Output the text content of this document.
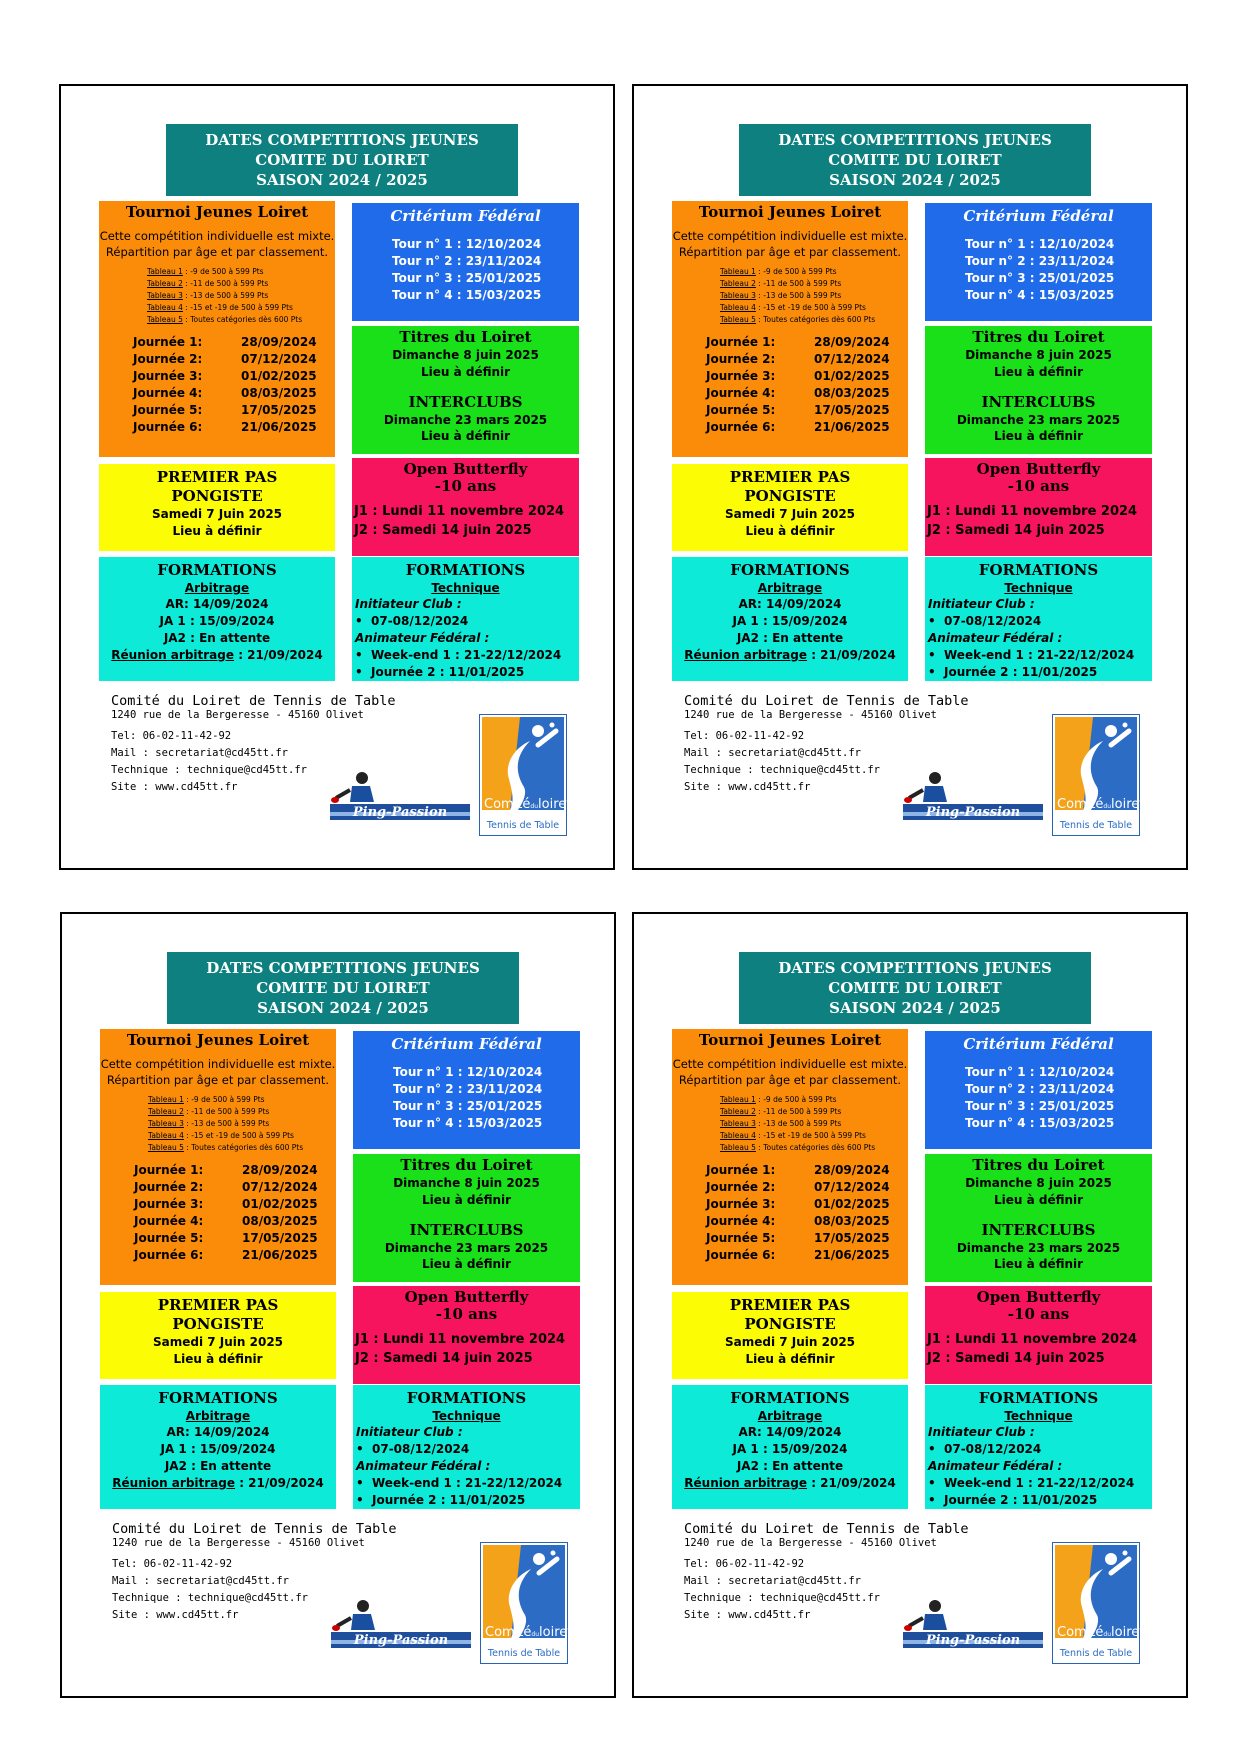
DATES COMPETITIONS JEUNES
COMITE DU LOIRET
SAISON 2024 / 2025
Tournoi Jeunes Loiret
Cette compétition individuelle est mixte.
Répartition par âge et par classement.
Tableau 1 : -9 de 500 à 599 Pts
Tableau 2 : -11 de 500 à 599 Pts
Tableau 3 : -13 de 500 à 599 Pts
Tableau 4 : -15 et -19 de 500 à 599 Pts
Tableau 5 : Toutes catégories dès 600 Pts
Journée 1:	28/09/2024
Journée 2:	07/12/2024
Journée 3:	01/02/2025
Journée 4:	08/03/2025
Journée 5:	17/05/2025
Journée 6:	21/06/2025
Critérium Fédéral
Tour n° 1 : 12/10/2024
Tour n° 2 : 23/11/2024
Tour n° 3 : 25/01/2025
Tour n° 4 : 15/03/2025
Titres du Loiret
Dimanche 8 juin 2025
Lieu à définir
INTERCLUBS
Dimanche 23 mars 2025
Lieu à définir
PREMIER PAS
PONGISTE
Samedi 7 Juin 2025
Lieu à définir
Open Butterfly
-10 ans
J1 : Lundi 11 novembre 2024
J2 : Samedi 14 juin 2025
FORMATIONS
Arbitrage
AR: 14/09/2024
JA 1 : 15/09/2024
JA2 : En attente
Réunion arbitrage : 21/09/2024
FORMATIONS
Technique
Initiateur Club :
• 07-08/12/2024
Animateur Fédéral :
• Week-end 1 : 21-22/12/2024
• Journée 2 : 11/01/2025
Comité du Loiret de Tennis de Table
1240 rue de la Bergeresse - 45160 Olivet
Tel: 06-02-11-42-92
Mail : secretariat@cd45tt.fr
Technique : technique@cd45tt.fr
Site : www.cd45tt.fr
Ping-Passion
Comitéduloiret
Tennis de Table
DATES COMPETITIONS JEUNES
COMITE DU LOIRET
SAISON 2024 / 2025
Tournoi Jeunes Loiret
Cette compétition individuelle est mixte.
Répartition par âge et par classement.
Tableau 1 : -9 de 500 à 599 Pts
Tableau 2 : -11 de 500 à 599 Pts
Tableau 3 : -13 de 500 à 599 Pts
Tableau 4 : -15 et -19 de 500 à 599 Pts
Tableau 5 : Toutes catégories dès 600 Pts
Journée 1:	28/09/2024
Journée 2:	07/12/2024
Journée 3:	01/02/2025
Journée 4:	08/03/2025
Journée 5:	17/05/2025
Journée 6:	21/06/2025
Critérium Fédéral
Tour n° 1 : 12/10/2024
Tour n° 2 : 23/11/2024
Tour n° 3 : 25/01/2025
Tour n° 4 : 15/03/2025
Titres du Loiret
Dimanche 8 juin 2025
Lieu à définir
INTERCLUBS
Dimanche 23 mars 2025
Lieu à définir
PREMIER PAS
PONGISTE
Samedi 7 Juin 2025
Lieu à définir
Open Butterfly
-10 ans
J1 : Lundi 11 novembre 2024
J2 : Samedi 14 juin 2025
FORMATIONS
Arbitrage
AR: 14/09/2024
JA 1 : 15/09/2024
JA2 : En attente
Réunion arbitrage : 21/09/2024
FORMATIONS
Technique
Initiateur Club :
• 07-08/12/2024
Animateur Fédéral :
• Week-end 1 : 21-22/12/2024
• Journée 2 : 11/01/2025
Comité du Loiret de Tennis de Table
1240 rue de la Bergeresse - 45160 Olivet
Tel: 06-02-11-42-92
Mail : secretariat@cd45tt.fr
Technique : technique@cd45tt.fr
Site : www.cd45tt.fr
Ping-Passion
Comitéduloiret
Tennis de Table
DATES COMPETITIONS JEUNES
COMITE DU LOIRET
SAISON 2024 / 2025
Tournoi Jeunes Loiret
Cette compétition individuelle est mixte.
Répartition par âge et par classement.
Tableau 1 : -9 de 500 à 599 Pts
Tableau 2 : -11 de 500 à 599 Pts
Tableau 3 : -13 de 500 à 599 Pts
Tableau 4 : -15 et -19 de 500 à 599 Pts
Tableau 5 : Toutes catégories dès 600 Pts
Journée 1:	28/09/2024
Journée 2:	07/12/2024
Journée 3:	01/02/2025
Journée 4:	08/03/2025
Journée 5:	17/05/2025
Journée 6:	21/06/2025
Critérium Fédéral
Tour n° 1 : 12/10/2024
Tour n° 2 : 23/11/2024
Tour n° 3 : 25/01/2025
Tour n° 4 : 15/03/2025
Titres du Loiret
Dimanche 8 juin 2025
Lieu à définir
INTERCLUBS
Dimanche 23 mars 2025
Lieu à définir
PREMIER PAS
PONGISTE
Samedi 7 Juin 2025
Lieu à définir
Open Butterfly
-10 ans
J1 : Lundi 11 novembre 2024
J2 : Samedi 14 juin 2025
FORMATIONS
Arbitrage
AR: 14/09/2024
JA 1 : 15/09/2024
JA2 : En attente
Réunion arbitrage : 21/09/2024
FORMATIONS
Technique
Initiateur Club :
• 07-08/12/2024
Animateur Fédéral :
• Week-end 1 : 21-22/12/2024
• Journée 2 : 11/01/2025
Comité du Loiret de Tennis de Table
1240 rue de la Bergeresse - 45160 Olivet
Tel: 06-02-11-42-92
Mail : secretariat@cd45tt.fr
Technique : technique@cd45tt.fr
Site : www.cd45tt.fr
Ping-Passion
Comitéduloiret
Tennis de Table
DATES COMPETITIONS JEUNES
COMITE DU LOIRET
SAISON 2024 / 2025
Tournoi Jeunes Loiret
Cette compétition individuelle est mixte.
Répartition par âge et par classement.
Tableau 1 : -9 de 500 à 599 Pts
Tableau 2 : -11 de 500 à 599 Pts
Tableau 3 : -13 de 500 à 599 Pts
Tableau 4 : -15 et -19 de 500 à 599 Pts
Tableau 5 : Toutes catégories dès 600 Pts
Journée 1:	28/09/2024
Journée 2:	07/12/2024
Journée 3:	01/02/2025
Journée 4:	08/03/2025
Journée 5:	17/05/2025
Journée 6:	21/06/2025
Critérium Fédéral
Tour n° 1 : 12/10/2024
Tour n° 2 : 23/11/2024
Tour n° 3 : 25/01/2025
Tour n° 4 : 15/03/2025
Titres du Loiret
Dimanche 8 juin 2025
Lieu à définir
INTERCLUBS
Dimanche 23 mars 2025
Lieu à définir
PREMIER PAS
PONGISTE
Samedi 7 Juin 2025
Lieu à définir
Open Butterfly
-10 ans
J1 : Lundi 11 novembre 2024
J2 : Samedi 14 juin 2025
FORMATIONS
Arbitrage
AR: 14/09/2024
JA 1 : 15/09/2024
JA2 : En attente
Réunion arbitrage : 21/09/2024
FORMATIONS
Technique
Initiateur Club :
• 07-08/12/2024
Animateur Fédéral :
• Week-end 1 : 21-22/12/2024
• Journée 2 : 11/01/2025
Comité du Loiret de Tennis de Table
1240 rue de la Bergeresse - 45160 Olivet
Tel: 06-02-11-42-92
Mail : secretariat@cd45tt.fr
Technique : technique@cd45tt.fr
Site : www.cd45tt.fr
Ping-Passion
Comitéduloiret
Tennis de Table
